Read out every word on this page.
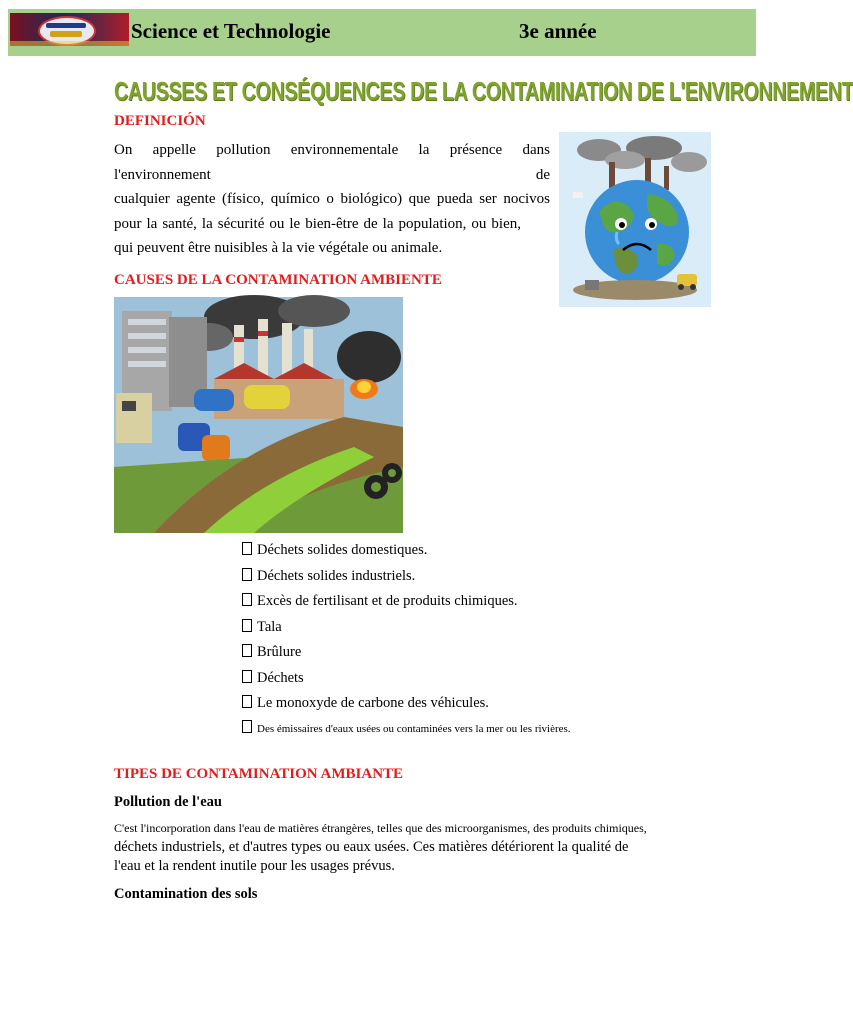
Science et Technologie	3e année
CAUSSES ET CONSÉQUENCES DE LA CONTAMINATION DE L'ENVIRONNEMENT
DEFINICIÓN
On appelle pollution environnementale la présence dans l'environnement de
cualquier agente (físico, químico o biológico) que pueda ser nocivos
pour la santé, la sécurité ou le bien-être de la population, ou bien,
qui peuvent être nuisibles à la vie végétale ou animale.
CAUSES DE LA CONTAMINATION AMBIENTE
Déchets solides domestiques.
Déchets solides industriels.
Excès de fertilisant et de produits chimiques.
Tala
Brûlure
Déchets
Le monoxyde de carbone des véhicules.
Des émissaires d'eaux usées ou contaminées vers la mer ou les rivières.
TIPES DE CONTAMINATION AMBIANTE
Pollution de l'eau
C'est l'incorporation dans l'eau de matières étrangères, telles que des microorganismes, des produits chimiques,
déchets industriels, et d'autres types ou eaux usées. Ces matières détériorent la qualité de
l'eau et la rendent inutile pour les usages prévus.
Contamination des sols
